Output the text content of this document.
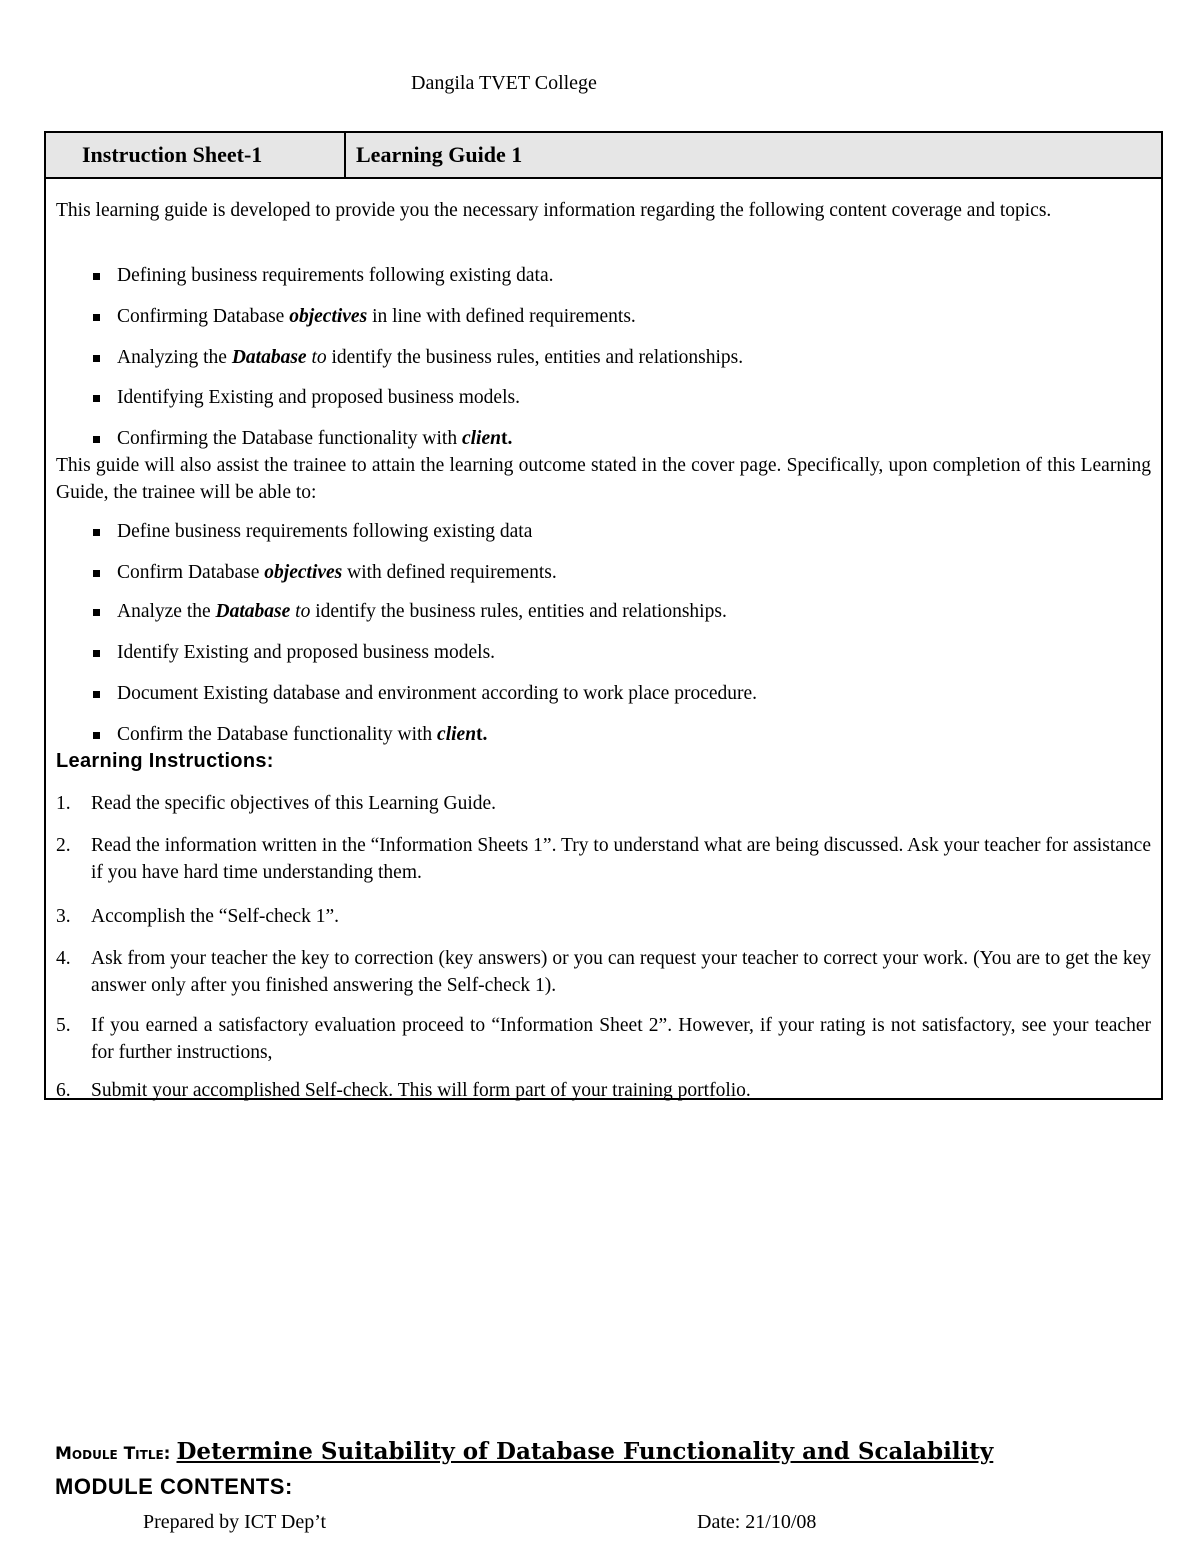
Dangila TVET College
Instruction Sheet-1	Learning Guide 1
This learning guide is developed to provide you the necessary information regarding the following content coverage and topics.
Defining business requirements following existing data.
Confirming Database objectives in line with defined requirements.
Analyzing the Database to identify the business rules, entities and relationships.
Identifying Existing and proposed business models.
Confirming the Database functionality with client.
This guide will also assist the trainee to attain the learning outcome stated in the cover page. Specifically, upon completion of this Learning Guide, the trainee will be able to:
Define business requirements following existing data
Confirm Database objectives with defined requirements.
Analyze the Database to identify the business rules, entities and relationships.
Identify Existing and proposed business models.
Document Existing database and environment according to work place procedure.
Confirm the Database functionality with client.
Learning Instructions:
1.	Read the specific objectives of this Learning Guide.
2.	Read the information written in the “Information Sheets 1”. Try to understand what are being discussed. Ask your teacher for assistance if you have hard time understanding them.
3.	Accomplish the “Self-check 1”.
4.	Ask from your teacher the key to correction (key answers) or you can request your teacher to correct your work. (You are to get the key answer only after you finished answering the Self-check 1).
5.	If you earned a satisfactory evaluation proceed to “Information Sheet 2”. However, if your rating is not satisfactory, see your teacher for further instructions,
6.	Submit your accomplished Self-check. This will form part of your training portfolio.
Module Title: Determine Suitability of Database Functionality and Scalability
MODULE CONTENTS:
Prepared by ICT Dep’t	Date: 21/10/08
